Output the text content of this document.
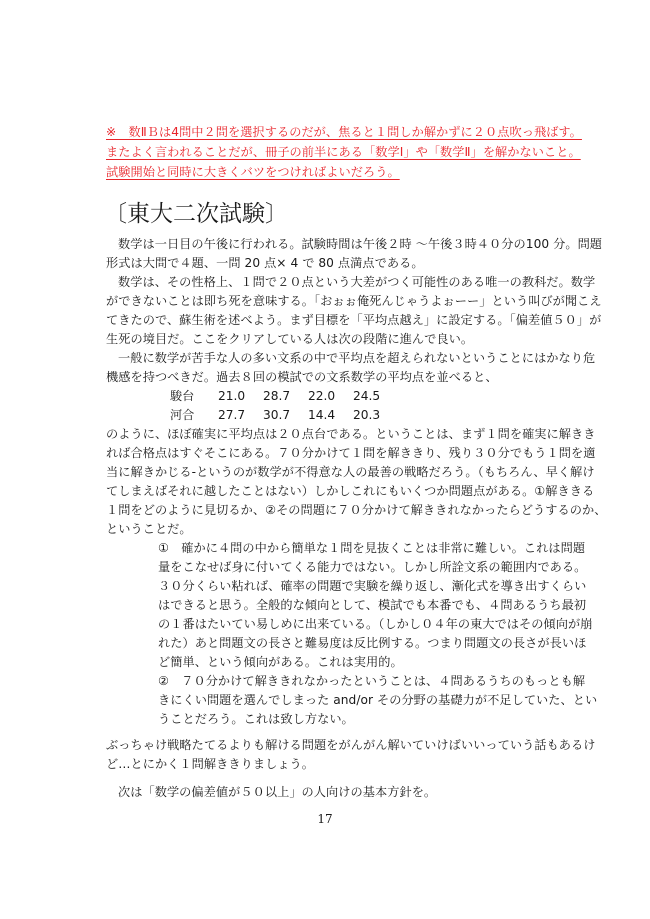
※　数ⅡＢは4問中２問を選択するのだが、焦ると１問しか解かずに２０点吹っ飛ばす。
またよく言われることだが、冊子の前半にある「数学Ⅰ」や「数学Ⅱ」を解かないこと。
試験開始と同時に大きくバツをつければよいだろう。
〔東大二次試験〕
数学は一日目の午後に行われる。試験時間は午後２時 〜午後３時４０分の100 分。問題
形式は大問で４題、一問 20 点× 4 で 80 点満点である。
数学は、その性格上、１問で２０点という大差がつく可能性のある唯一の教科だ。数学
ができないことは即ち死を意味する。「おぉぉ俺死んじゃうよぉーー」という叫びが聞こえ
てきたので、蘇生術を述べよう。まず目標を「平均点越え」に設定する。「偏差値５０」が
生死の境目だ。ここをクリアしている人は次の段階に進んで良い。
一般に数学が苦手な人の多い文系の中で平均点を超えられないということにはかなり危
機感を持つべきだ。過去８回の模試での文系数学の平均点を並べると、
駿台 21.0 28.7 22.0 24.5
河合 27.7 30.7 14.4 20.3
のように、ほぼ確実に平均点は２０点台である。ということは、まず１問を確実に解きき
れば合格点はすぐそこにある。７０分かけて１問を解ききり、残り３０分でもう１問を適
当に解きかじる-というのが数学が不得意な人の最善の戦略だろう。（もちろん、早く解け
てしまえばそれに越したことはない）しかしこれにもいくつか問題点がある。①解ききる
１問をどのように見切るか、②その問題に７０分かけて解ききれなかったらどうするのか、
ということだ。
①　確かに４問の中から簡単な１問を見抜くことは非常に難しい。これは問題
量をこなせば身に付いてくる能力ではない。しかし所詮文系の範囲内である。
３０分くらい粘れば、確率の問題で実験を繰り返し、漸化式を導き出すくらい
はできると思う。全般的な傾向として、模試でも本番でも、４問あるうち最初
の１番はたいてい易しめに出来ている。（しかし０４年の東大ではその傾向が崩
れた）あと問題文の長さと難易度は反比例する。つまり問題文の長さが長いほ
ど簡単、という傾向がある。これは実用的。
②　７０分かけて解ききれなかったということは、４問あるうちのもっとも解
きにくい問題を選んでしまった and/or その分野の基礎力が不足していた、とい
うことだろう。これは致し方ない。
ぶっちゃけ戦略たてるよりも解ける問題をがんがん解いていけばいいっていう話もあるけ
ど…とにかく１問解ききりましょう。
次は「数学の偏差値が５０以上」の人向けの基本方針を。
17
